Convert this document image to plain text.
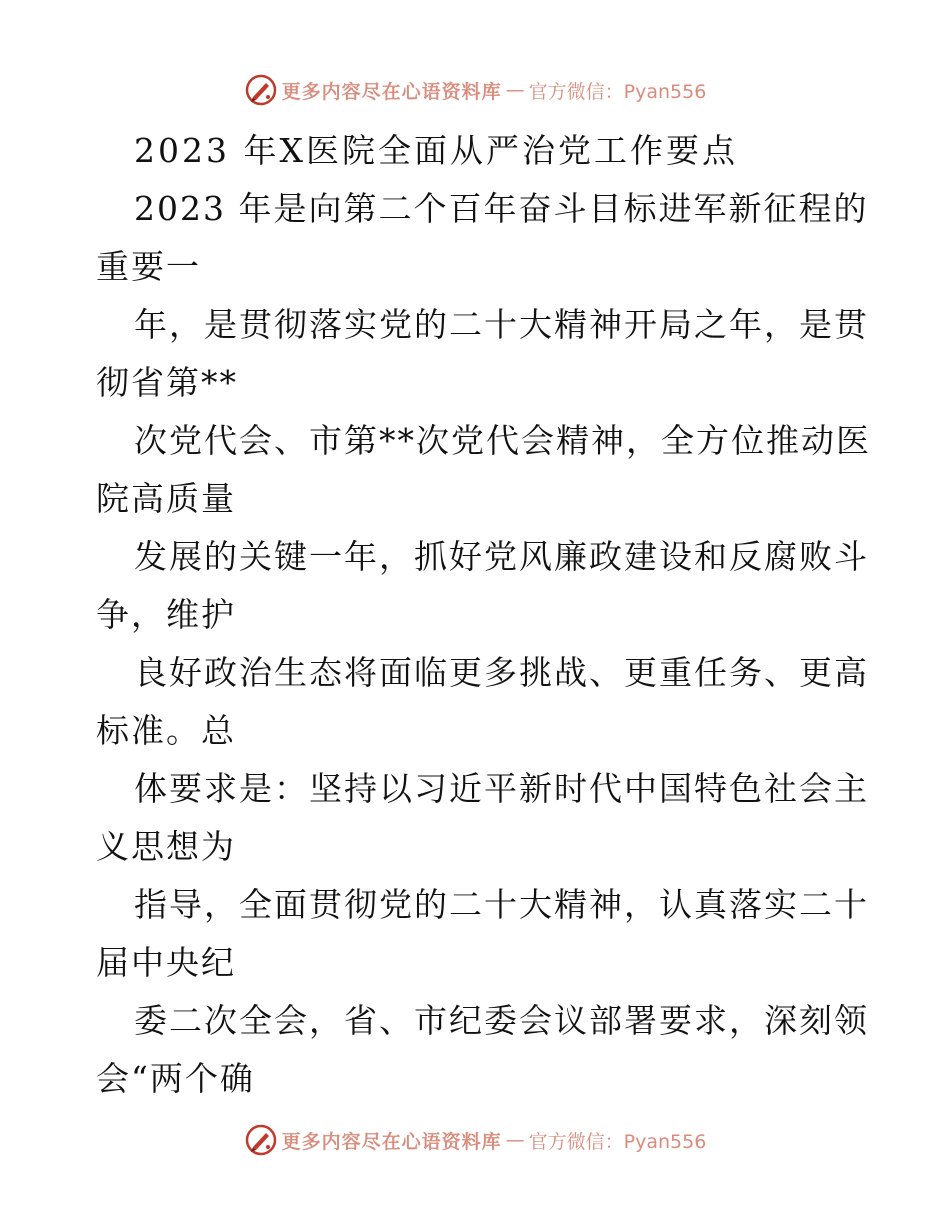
更多内容尽在心语资料库 — 官方微信：Pyan556
2023 年X医院全面从严治党工作要点
2023 年是向第二个百年奋斗目标进军新征程的
重要一
年，是贯彻落实党的二十大精神开局之年，是贯
彻省第**
次党代会、市第**次党代会精神，全方位推动医
院高质量
发展的关键一年，抓好党风廉政建设和反腐败斗
争，维护
良好政治生态将面临更多挑战、更重任务、更高
标准。总
体要求是：坚持以习近平新时代中国特色社会主
义思想为
指导，全面贯彻党的二十大精神，认真落实二十
届中央纪
委二次全会，省、市纪委会议部署要求，深刻领
会“两个确
更多内容尽在心语资料库 — 官方微信：Pyan556
